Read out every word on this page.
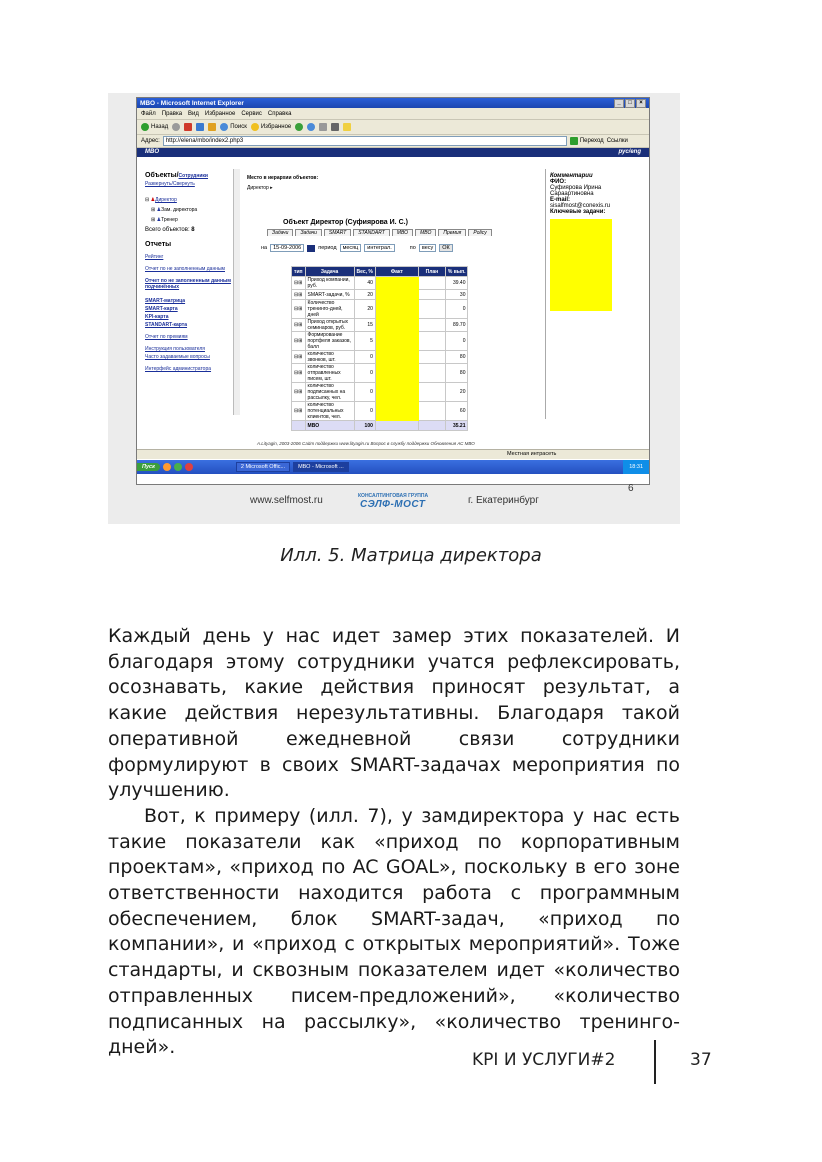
МВО - Microsoft Internet Explorer	_	□	×
Файл Правка Вид Избранное Сервис Справка
Назад	Поиск Избранное
Адрес:	http://elena/mbo/index2.php3	Переход Ссылки
MBO	рус/eng
Объекты/Сотрудники
Развернуть/Свернуть
⊟ ♟Директор
⊞ ♟Зам. директора
⊞ ♟Тренер
Всего объектов: 8
Отчеты
Рейтинг
Отчет по не заполненным данным
Отчет по не заполненным данным подчинённых
SMART-матрица
SMART-карта
KPI-карта
STANDART-карта
Отчет по премиям
Инструкция пользователя
Часто задаваемые вопросы
Интерфейс администратора
Место в иерархии объектов:
Директор ▸
Объект Директор (Суфиярова И. С.)
Задачи	Задачи	SMART	STANDART	МВО	МВО	Премия	Policy
на	15-09-2006	период	месяц	интеграл.	по	весу	ОК
тип	Задача	Вес, %	Факт	План	% вып.
⊟⊞	Приход компании, руб.	40			39.40
⊟⊞	SMART-задачи, %	20			30
⊟⊞	Количество тренинго-дней, дней	20			0
⊟⊞	Приход открытых семинаров, руб.	15			89.70
⊟⊞	Формирование портфеля заказов, балл	5			0
⊟⊞	количество звонков, шт.	0			80
⊟⊞	количество отправленных писем, шт.	0			80
⊟⊞	количество подписанных на рассылку, чел.	0			20
⊟⊞	количество потенциальных клиентов, чел.	0			60
	МВО	100			35.21
Комментарии
ФИО:
Суфиярова Ирина Сараартиновна
E-mail:
sisalfmost@conexis.ru
Ключевые задачи:
A.Lityagin, 2003-2006 Сайт поддержки www.lityagin.ru Вопрос в службу поддержки Обновления АС МВО
Местная интрасеть
Пуск	2 Microsoft Offic...	МВО - Microsoft ...	18:31
www.selfmost.ru	КОНСАЛТИНГОВАЯ ГРУППА
СЭЛФ-МОСТ	г. Екатеринбург
6
Илл. 5. Матрица директора

Каждый день у нас идет замер этих показателей. И благодаря этому сотрудники учатся рефлексировать, осознавать, какие действия приносят результат, а какие действия нерезультативны. Благодаря такой оперативной ежедневной связи сотрудники формулируют в своих SMART-задачах мероприятия по улучшению.

Вот, к примеру (илл. 7), у замдиректора у нас есть такие показатели как «приход по корпоративным проектам», «приход по AC GOAL», поскольку в его зоне ответственности находится работа с программным обеспечением, блок SMART-задач, «приход по компании», и «приход с открытых мероприятий». Тоже стандарты, и сквозным показателем идет «количество отправленных писем-предложений», «количество подписанных на рассылку», «количество тренинго-дней».

KPI И УСЛУГИ#2	37
